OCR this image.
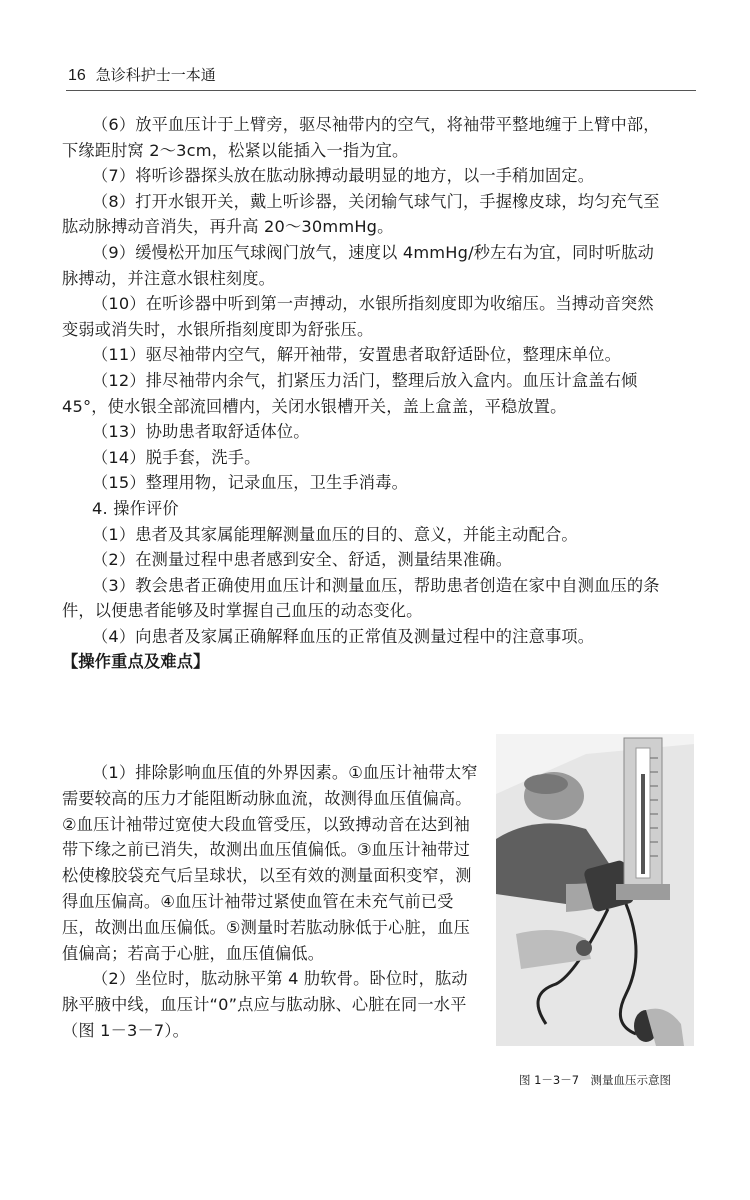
16 急诊科护士一本通

（6）放平血压计于上臂旁，驱尽袖带内的空气，将袖带平整地缠于上臂中部，下缘距肘窝 2～3cm，松紧以能插入一指为宜。

（7）将听诊器探头放在肱动脉搏动最明显的地方，以一手稍加固定。

（8）打开水银开关，戴上听诊器，关闭输气球气门，手握橡皮球，均匀充气至肱动脉搏动音消失，再升高 20～30mmHg。

（9）缓慢松开加压气球阀门放气，速度以 4mmHg/秒左右为宜，同时听肱动脉搏动，并注意水银柱刻度。

（10）在听诊器中听到第一声搏动，水银所指刻度即为收缩压。当搏动音突然变弱或消失时，水银所指刻度即为舒张压。

（11）驱尽袖带内空气，解开袖带，安置患者取舒适卧位，整理床单位。

（12）排尽袖带内余气，扪紧压力活门，整理后放入盒内。血压计盒盖右倾 45°，使水银全部流回槽内，关闭水银槽开关，盖上盒盖，平稳放置。

（13）协助患者取舒适体位。

（14）脱手套，洗手。

（15）整理用物，记录血压，卫生手消毒。

4. 操作评价

（1）患者及其家属能理解测量血压的目的、意义，并能主动配合。

（2）在测量过程中患者感到安全、舒适，测量结果准确。

（3）教会患者正确使用血压计和测量血压，帮助患者创造在家中自测血压的条件，以便患者能够及时掌握自己血压的动态变化。

（4）向患者及家属正确解释血压的正常值及测量过程中的注意事项。

【操作重点及难点】

（1）排除影响血压值的外界因素。①血压计袖带太窄需要较高的压力才能阻断动脉血流，故测得血压值偏高。②血压计袖带过宽使大段血管受压，以致搏动音在达到袖带下缘之前已消失，故测出血压值偏低。③血压计袖带过松使橡胶袋充气后呈球状，以至有效的测量面积变窄，测得血压偏高。④血压计袖带过紧使血管在未充气前已受压，故测出血压偏低。⑤测量时若肱动脉低于心脏，血压值偏高；若高于心脏，血压值偏低。

（2）坐位时，肱动脉平第 4 肋软骨。卧位时，肱动脉平腋中线，血压计“0”点应与肱动脉、心脏在同一水平（图 1－3－7）。

图 1－3－7　测量血压示意图
